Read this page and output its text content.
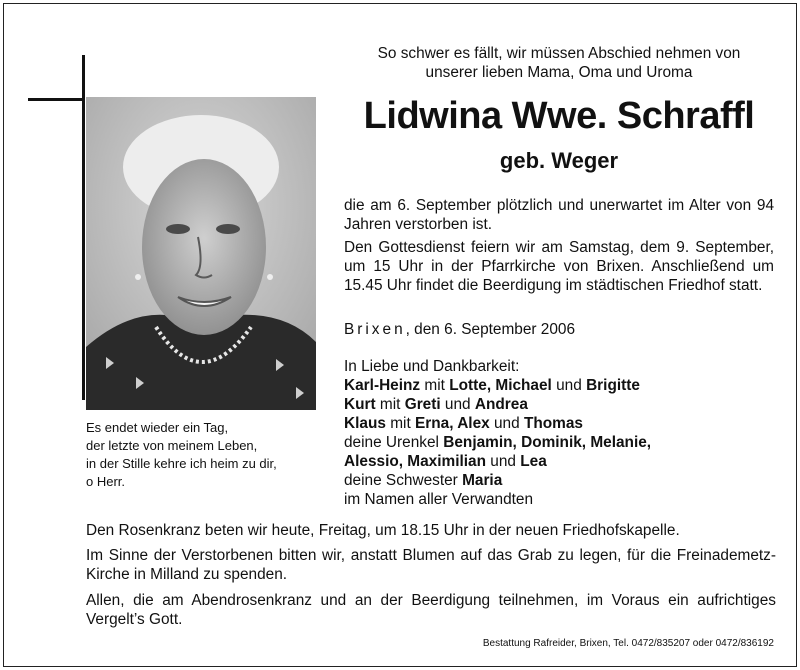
Es endet wieder ein Tag,
der letzte von meinem Leben,
in der Stille kehre ich heim zu dir,
o Herr.
So schwer es fällt, wir müssen Abschied nehmen von
unserer lieben Mama, Oma und Uroma
Lidwina Wwe. Schraffl
geb. Weger
die am 6. September plötzlich und unerwartet im Alter von 94 Jahren verstorben ist.
Den Gottesdienst feiern wir am Samstag, dem 9. September, um 15 Uhr in der Pfarrkirche von Brixen. Anschließend um 15.45 Uhr findet die Beerdigung im städtischen Friedhof statt.
Brixen, den 6. September 2006
In Liebe und Dankbarkeit:
Karl-Heinz mit Lotte, Michael und Brigitte
Kurt mit Greti und Andrea
Klaus mit Erna, Alex und Thomas
deine Urenkel Benjamin, Dominik, Melanie,
Alessio, Maximilian und Lea
deine Schwester Maria
im Namen aller Verwandten
Den Rosenkranz beten wir heute, Freitag, um 18.15 Uhr in der neuen Friedhofskapelle.
Im Sinne der Verstorbenen bitten wir, anstatt Blumen auf das Grab zu legen, für die Freinademetz-Kirche in Milland zu spenden.
Allen, die am Abendrosenkranz und an der Beerdigung teilnehmen, im Voraus ein aufrichtiges Vergelt’s Gott.
Bestattung Rafreider, Brixen, Tel. 0472/835207 oder 0472/836192
